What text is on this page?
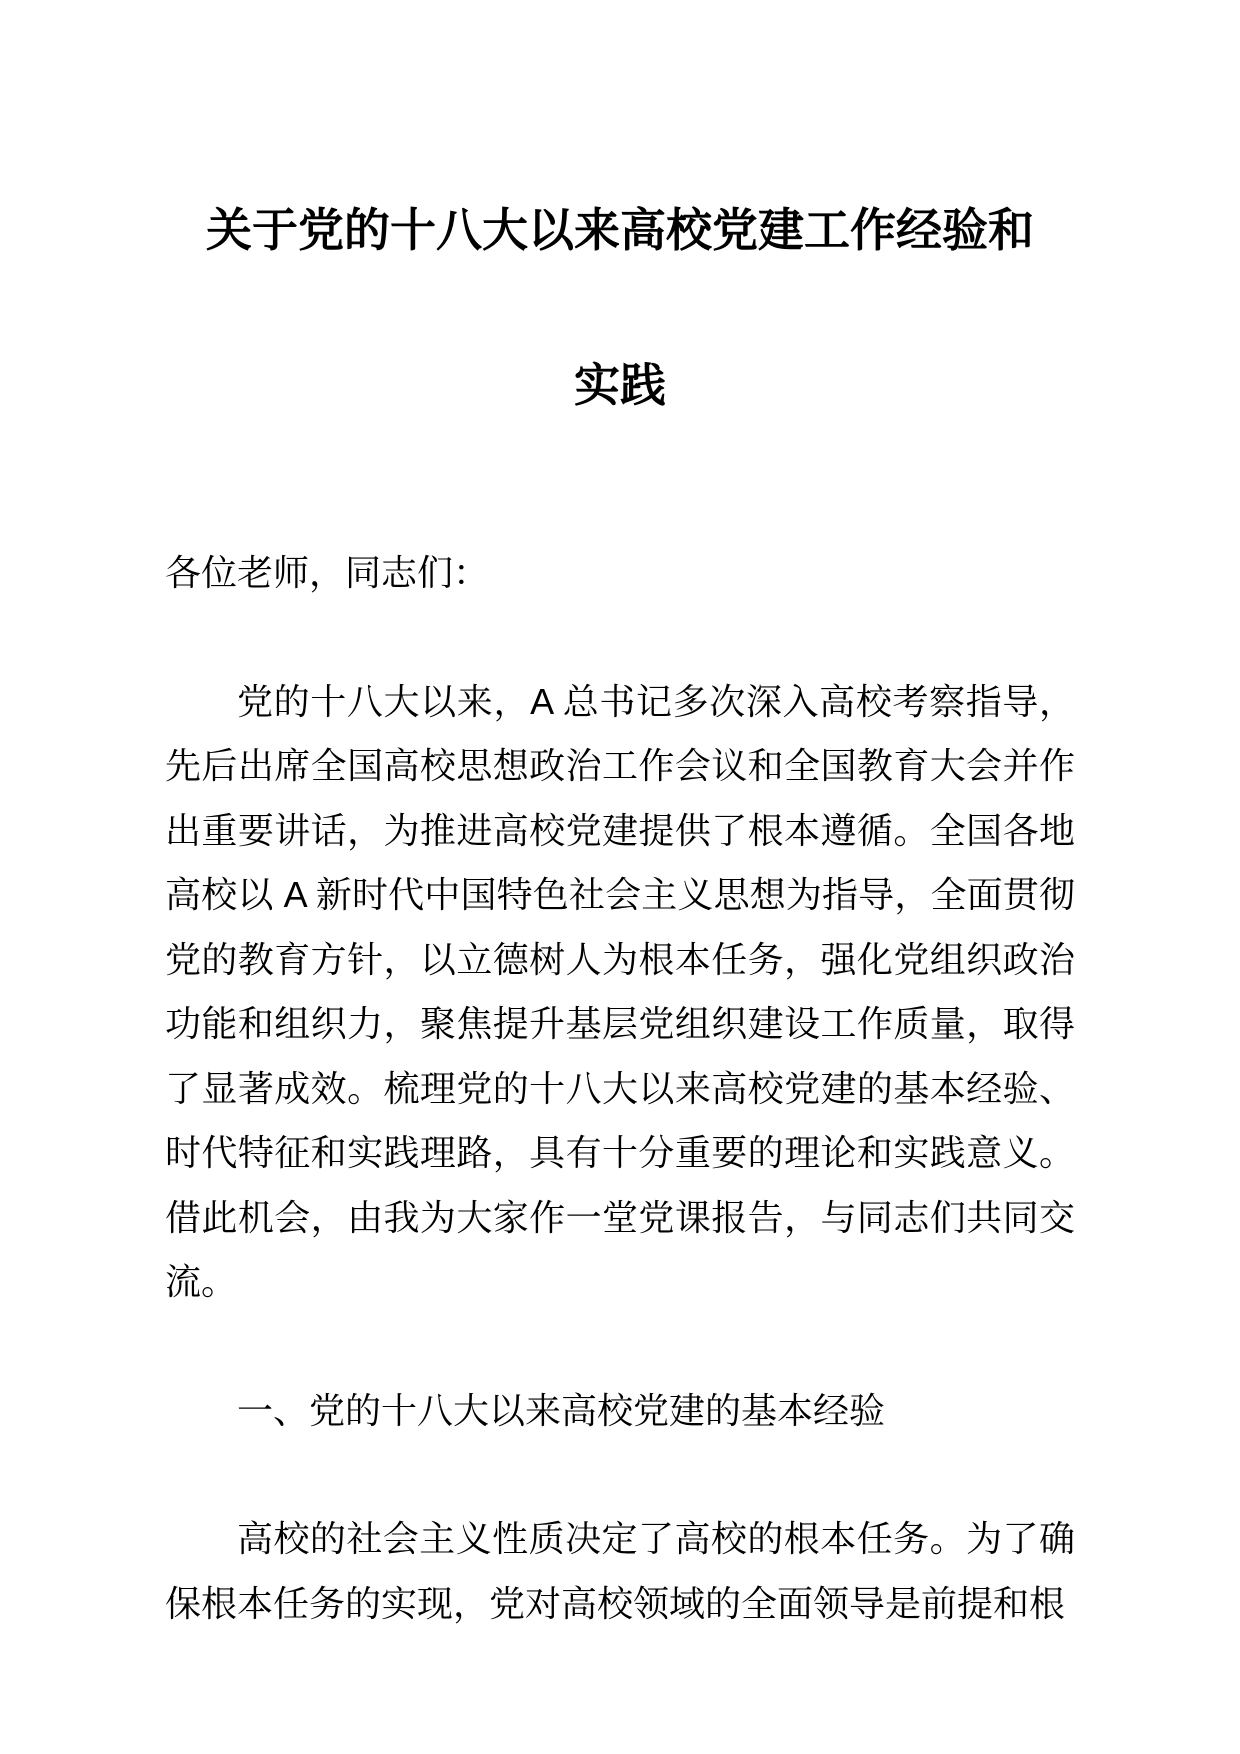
关于党的十八大以来高校党建工作经验和
实践

各位老师，同志们：

党的十八大以来，A 总书记多次深入高校考察指导，先后出席全国高校思想政治工作会议和全国教育大会并作出重要讲话，为推进高校党建提供了根本遵循。全国各地高校以 A 新时代中国特色社会主义思想为指导，全面贯彻党的教育方针，以立德树人为根本任务，强化党组织政治功能和组织力，聚焦提升基层党组织建设工作质量，取得了显著成效。梳理党的十八大以来高校党建的基本经验、时代特征和实践理路，具有十分重要的理论和实践意义。借此机会，由我为大家作一堂党课报告，与同志们共同交流。

一、党的十八大以来高校党建的基本经验

高校的社会主义性质决定了高校的根本任务。为了确保根本任务的实现，党对高校领域的全面领导是前提和根
